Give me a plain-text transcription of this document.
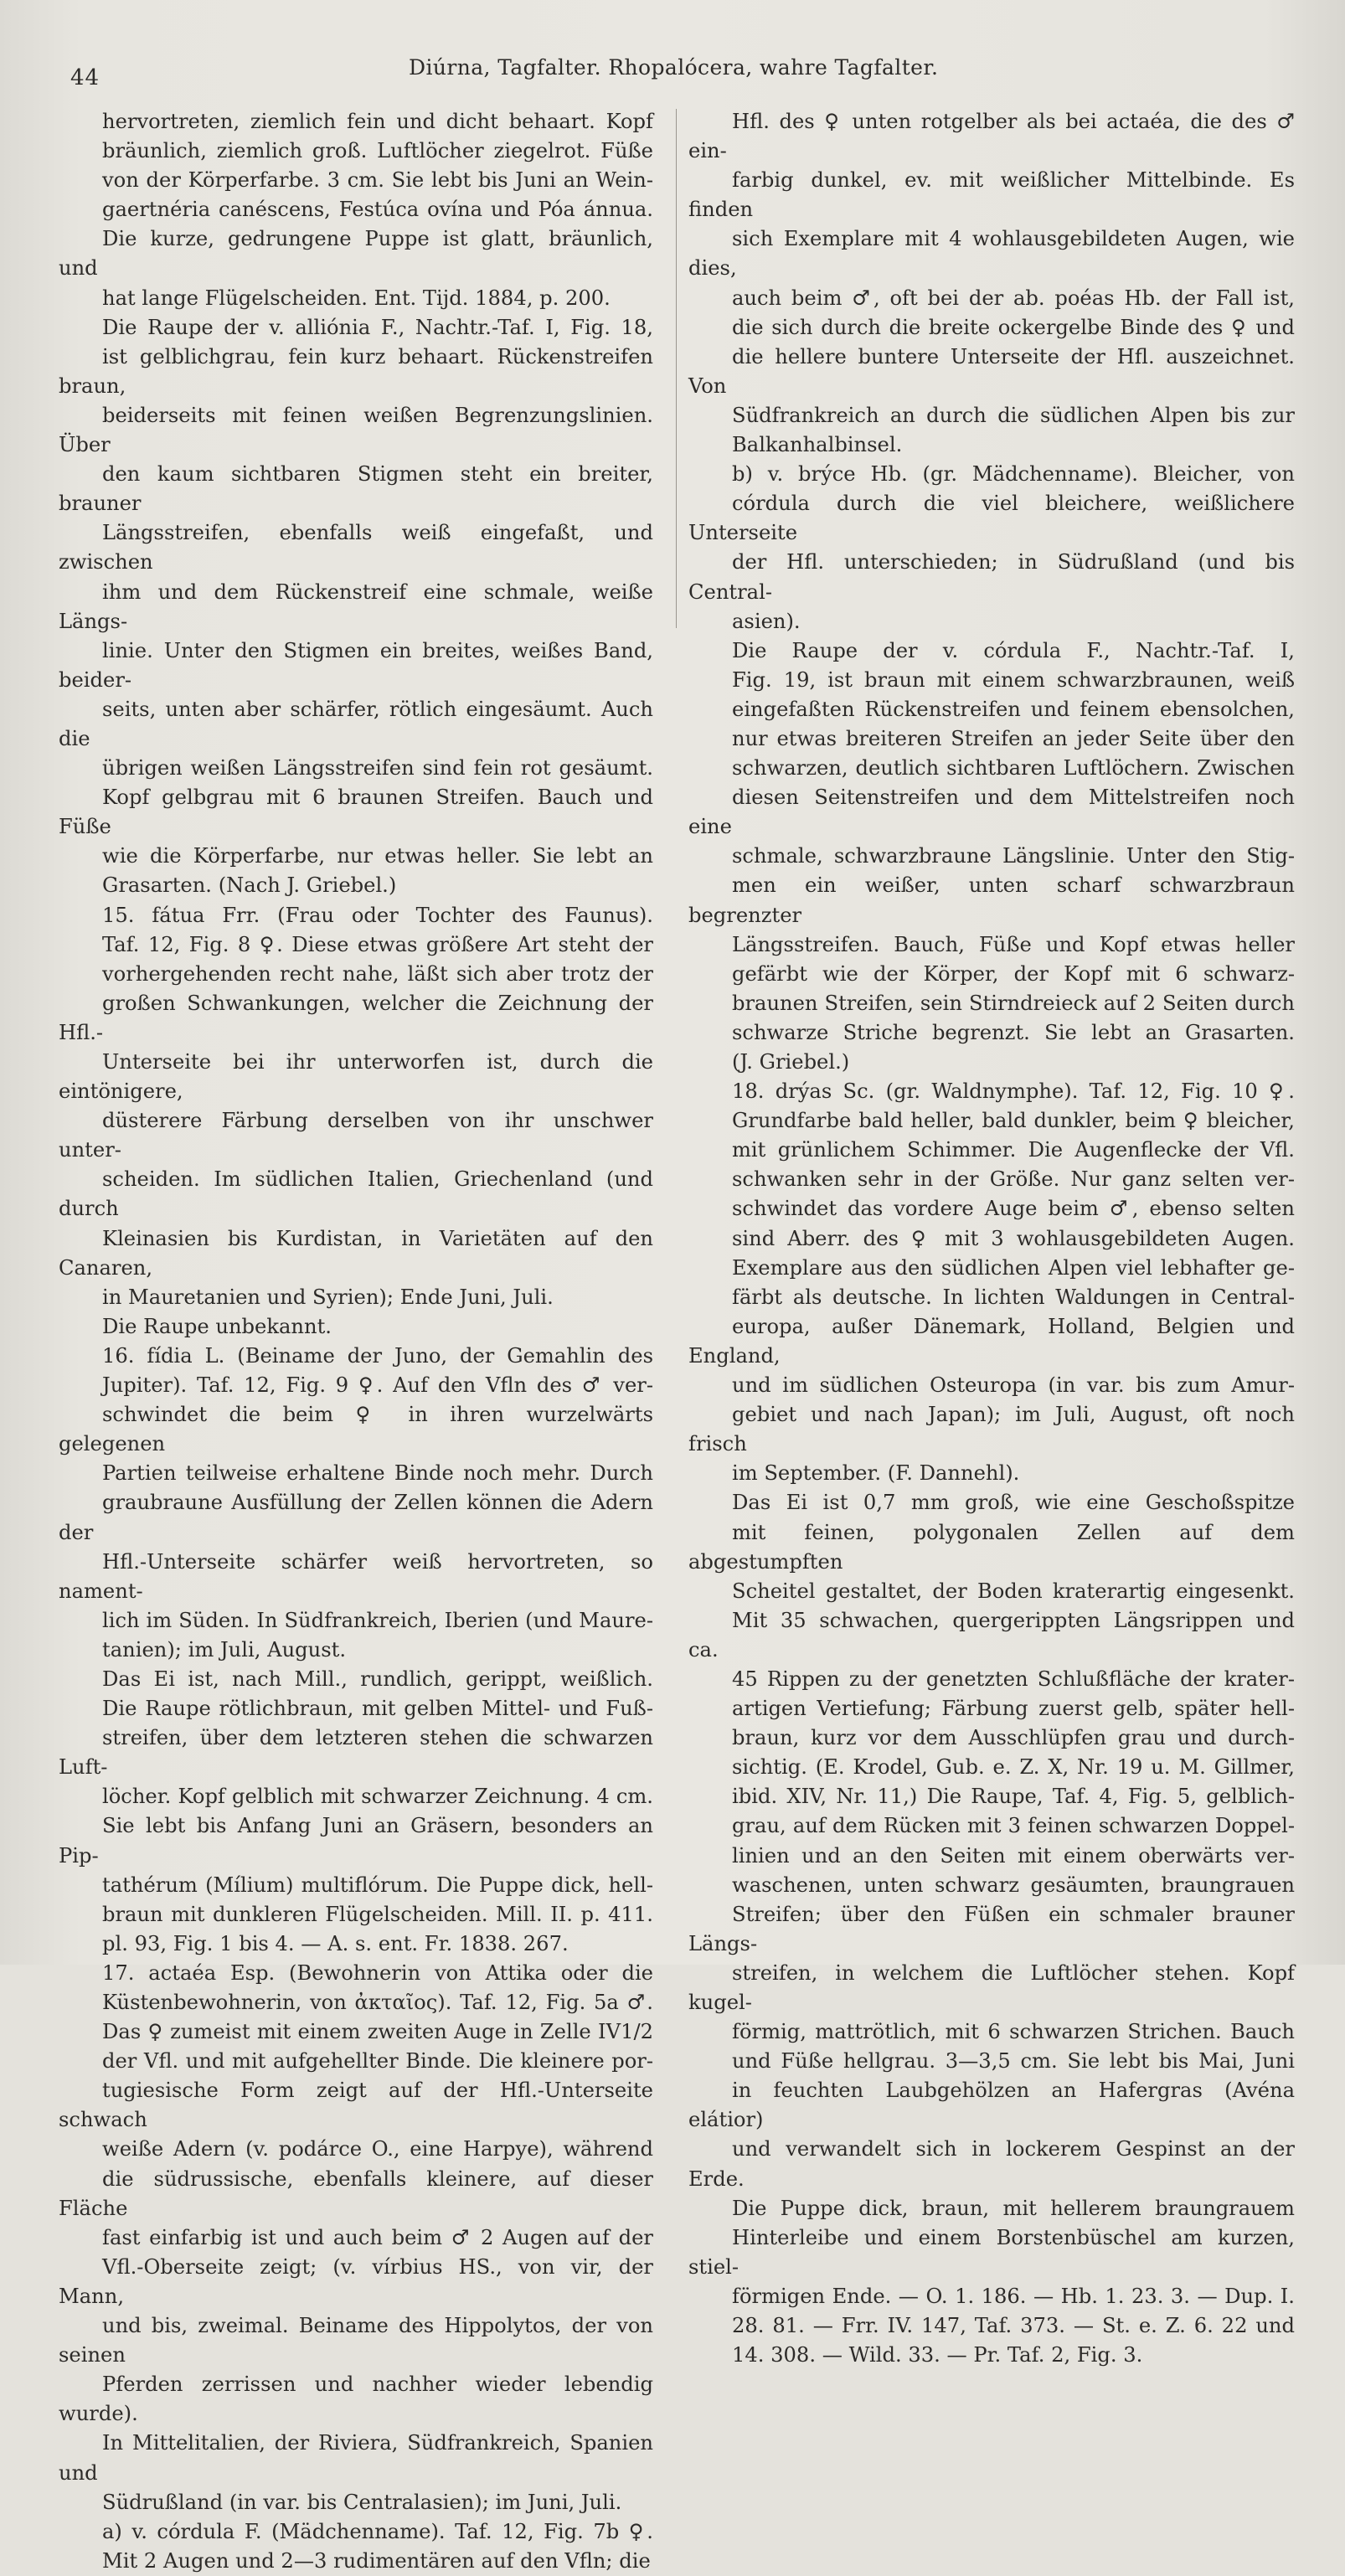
44	Diúrna, Tagfalter. Rhopalócera, wahre Tagfalter.

hervortreten, ziemlich fein und dicht behaart. Kopf

bräunlich, ziemlich groß. Luftlöcher ziegelrot. Füße

von der Körperfarbe. 3 cm. Sie lebt bis Juni an Wein-

gaertnéria canéscens, Festúca ovína und Póa ánnua.

Die kurze, gedrungene Puppe ist glatt, bräunlich, und

hat lange Flügelscheiden. Ent. Tijd. 1884, p. 200.

Die Raupe der v. alliónia F., Nachtr.-Taf. I, Fig. 18,

ist gelblichgrau, fein kurz behaart. Rückenstreifen braun,

beiderseits mit feinen weißen Begrenzungslinien. Über

den kaum sichtbaren Stigmen steht ein breiter, brauner

Längsstreifen, ebenfalls weiß eingefaßt, und zwischen

ihm und dem Rückenstreif eine schmale, weiße Längs-

linie. Unter den Stigmen ein breites, weißes Band, beider-

seits, unten aber schärfer, rötlich eingesäumt. Auch die

übrigen weißen Längsstreifen sind fein rot gesäumt.

Kopf gelbgrau mit 6 braunen Streifen. Bauch und Füße

wie die Körperfarbe, nur etwas heller. Sie lebt an

Grasarten. (Nach J. Griebel.)

15. fátua Frr. (Frau oder Tochter des Faunus).

Taf. 12, Fig. 8 ♀. Diese etwas größere Art steht der

vorhergehenden recht nahe, läßt sich aber trotz der

großen Schwankungen, welcher die Zeichnung der Hfl.-

Unterseite bei ihr unterworfen ist, durch die eintönigere,

düsterere Färbung derselben von ihr unschwer unter-

scheiden. Im südlichen Italien, Griechenland (und durch

Kleinasien bis Kurdistan, in Varietäten auf den Canaren,

in Mauretanien und Syrien); Ende Juni, Juli.

Die Raupe unbekannt.

16. fídia L. (Beiname der Juno, der Gemahlin des

Jupiter). Taf. 12, Fig. 9 ♀. Auf den Vfln des ♂ ver-

schwindet die beim ♀ in ihren wurzelwärts gelegenen

Partien teilweise erhaltene Binde noch mehr. Durch

graubraune Ausfüllung der Zellen können die Adern der

Hfl.-Unterseite schärfer weiß hervortreten, so nament-

lich im Süden. In Südfrankreich, Iberien (und Maure-

tanien); im Juli, August.

Das Ei ist, nach Mill., rundlich, gerippt, weißlich.

Die Raupe rötlichbraun, mit gelben Mittel- und Fuß-

streifen, über dem letzteren stehen die schwarzen Luft-

löcher. Kopf gelblich mit schwarzer Zeichnung. 4 cm.

Sie lebt bis Anfang Juni an Gräsern, besonders an Pip-

tathérum (Mílium) multiflórum. Die Puppe dick, hell-

braun mit dunkleren Flügelscheiden. Mill. II. p. 411.

pl. 93, Fig. 1 bis 4. — A. s. ent. Fr. 1838. 267.

17. actaéa Esp. (Bewohnerin von Attika oder die

Küstenbewohnerin, von ἀκταῖος). Taf. 12, Fig. 5a ♂.

Das ♀ zumeist mit einem zweiten Auge in Zelle IV1/2

der Vfl. und mit aufgehellter Binde. Die kleinere por-

tugiesische Form zeigt auf der Hfl.-Unterseite schwach

weiße Adern (v. podárce O., eine Harpye), während

die südrussische, ebenfalls kleinere, auf dieser Fläche

fast einfarbig ist und auch beim ♂ 2 Augen auf der

Vfl.-Oberseite zeigt; (v. vírbius HS., von vir, der Mann,

und bis, zweimal. Beiname des Hippolytos, der von seinen

Pferden zerrissen und nachher wieder lebendig wurde).

In Mittelitalien, der Riviera, Südfrankreich, Spanien und

Südrußland (in var. bis Centralasien); im Juni, Juli.

a) v. córdula F. (Mädchenname). Taf. 12, Fig. 7b ♀.

Mit 2 Augen und 2—3 rudimentären auf den Vfln; die

Hfl. des ♀ unten rotgelber als bei actaéa, die des ♂ ein-

farbig dunkel, ev. mit weißlicher Mittelbinde. Es finden

sich Exemplare mit 4 wohlausgebildeten Augen, wie dies,

auch beim ♂, oft bei der ab. poéas Hb. der Fall ist,

die sich durch die breite ockergelbe Binde des ♀ und

die hellere buntere Unterseite der Hfl. auszeichnet. Von

Südfrankreich an durch die südlichen Alpen bis zur

Balkanhalbinsel.

b) v. brýce Hb. (gr. Mädchenname). Bleicher, von

córdula durch die viel bleichere, weißlichere Unterseite

der Hfl. unterschieden; in Südrußland (und bis Central-

asien).

Die Raupe der v. córdula F., Nachtr.-Taf. I,

Fig. 19, ist braun mit einem schwarzbraunen, weiß

eingefaßten Rückenstreifen und feinem ebensolchen,

nur etwas breiteren Streifen an jeder Seite über den

schwarzen, deutlich sichtbaren Luftlöchern. Zwischen

diesen Seitenstreifen und dem Mittelstreifen noch eine

schmale, schwarzbraune Längslinie. Unter den Stig-

men ein weißer, unten scharf schwarzbraun begrenzter

Längsstreifen. Bauch, Füße und Kopf etwas heller

gefärbt wie der Körper, der Kopf mit 6 schwarz-

braunen Streifen, sein Stirndreieck auf 2 Seiten durch

schwarze Striche begrenzt. Sie lebt an Grasarten.

(J. Griebel.)

18. drýas Sc. (gr. Waldnymphe). Taf. 12, Fig. 10 ♀.

Grundfarbe bald heller, bald dunkler, beim ♀ bleicher,

mit grünlichem Schimmer. Die Augenflecke der Vfl.

schwanken sehr in der Größe. Nur ganz selten ver-

schwindet das vordere Auge beim ♂, ebenso selten

sind Aberr. des ♀ mit 3 wohlausgebildeten Augen.

Exemplare aus den südlichen Alpen viel lebhafter ge-

färbt als deutsche. In lichten Waldungen in Central-

europa, außer Dänemark, Holland, Belgien und England,

und im südlichen Osteuropa (in var. bis zum Amur-

gebiet und nach Japan); im Juli, August, oft noch frisch

im September. (F. Dannehl).

Das Ei ist 0,7 mm groß, wie eine Geschoßspitze

mit feinen, polygonalen Zellen auf dem abgestumpften

Scheitel gestaltet, der Boden kraterartig eingesenkt.

Mit 35 schwachen, quergerippten Längsrippen und ca.

45 Rippen zu der genetzten Schlußfläche der krater-

artigen Vertiefung; Färbung zuerst gelb, später hell-

braun, kurz vor dem Ausschlüpfen grau und durch-

sichtig. (E. Krodel, Gub. e. Z. X, Nr. 19 u. M. Gillmer,

ibid. XIV, Nr. 11,) Die Raupe, Taf. 4, Fig. 5, gelblich-

grau, auf dem Rücken mit 3 feinen schwarzen Doppel-

linien und an den Seiten mit einem oberwärts ver-

waschenen, unten schwarz gesäumten, braungrauen

Streifen; über den Füßen ein schmaler brauner Längs-

streifen, in welchem die Luftlöcher stehen. Kopf kugel-

förmig, mattrötlich, mit 6 schwarzen Strichen. Bauch

und Füße hellgrau. 3—3,5 cm. Sie lebt bis Mai, Juni

in feuchten Laubgehölzen an Hafergras (Avéna elátior)

und verwandelt sich in lockerem Gespinst an der Erde.

Die Puppe dick, braun, mit hellerem braungrauem

Hinterleibe und einem Borstenbüschel am kurzen, stiel-

förmigen Ende. — O. 1. 186. — Hb. 1. 23. 3. — Dup. I.

28. 81. — Frr. IV. 147, Taf. 373. — St. e. Z. 6. 22 und

14. 308. — Wild. 33. — Pr. Taf. 2, Fig. 3.
